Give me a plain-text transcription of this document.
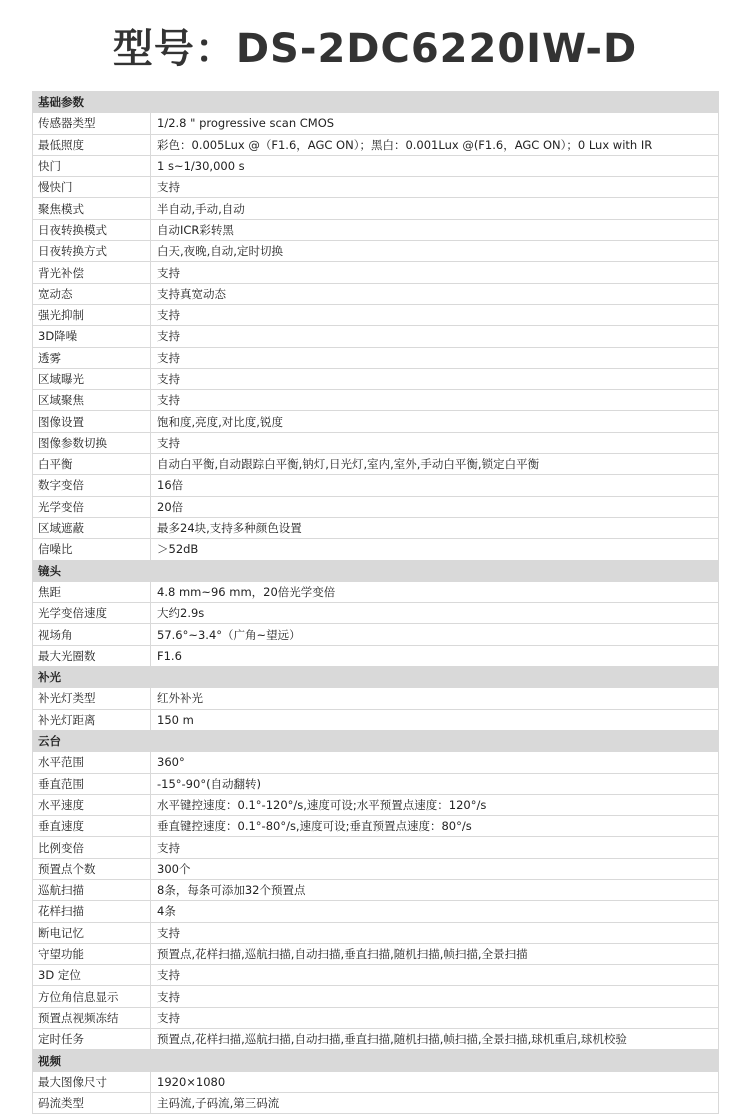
型号：DS-2DC6220IW-D
基础参数	
传感器类型	1/2.8 " progressive scan CMOS
最低照度	彩色：0.005Lux @（F1.6，AGC ON）；黑白：0.001Lux @(F1.6，AGC ON）；0 Lux with IR
快门	1 s~1/30,000 s
慢快门	支持
聚焦模式	半自动,手动,自动
日夜转换模式	自动ICR彩转黑
日夜转换方式	白天,夜晚,自动,定时切换
背光补偿	支持
宽动态	支持真宽动态
强光抑制	支持
3D降噪	支持
透雾	支持
区域曝光	支持
区域聚焦	支持
图像设置	饱和度,亮度,对比度,锐度
图像参数切换	支持
白平衡	自动白平衡,自动跟踪白平衡,钠灯,日光灯,室内,室外,手动白平衡,锁定白平衡
数字变倍	16倍
光学变倍	20倍
区域遮蔽	最多24块,支持多种颜色设置
信噪比	＞52dB
镜头	
焦距	4.8 mm~96 mm，20倍光学变倍
光学变倍速度	大约2.9s
视场角	57.6°~3.4°（广角~望远）
最大光圈数	F1.6
补光	
补光灯类型	红外补光
补光灯距离	150 m
云台	
水平范围	360°
垂直范围	-15°-90°(自动翻转)
水平速度	水平键控速度：0.1°-120°/s,速度可设;水平预置点速度：120°/s
垂直速度	垂直键控速度：0.1°-80°/s,速度可设;垂直预置点速度：80°/s
比例变倍	支持
预置点个数	300个
巡航扫描	8条，每条可添加32个预置点
花样扫描	4条
断电记忆	支持
守望功能	预置点,花样扫描,巡航扫描,自动扫描,垂直扫描,随机扫描,帧扫描,全景扫描
3D 定位	支持
方位角信息显示	支持
预置点视频冻结	支持
定时任务	预置点,花样扫描,巡航扫描,自动扫描,垂直扫描,随机扫描,帧扫描,全景扫描,球机重启,球机校验
视频	
最大图像尺寸	1920×1080
码流类型	主码流,子码流,第三码流
